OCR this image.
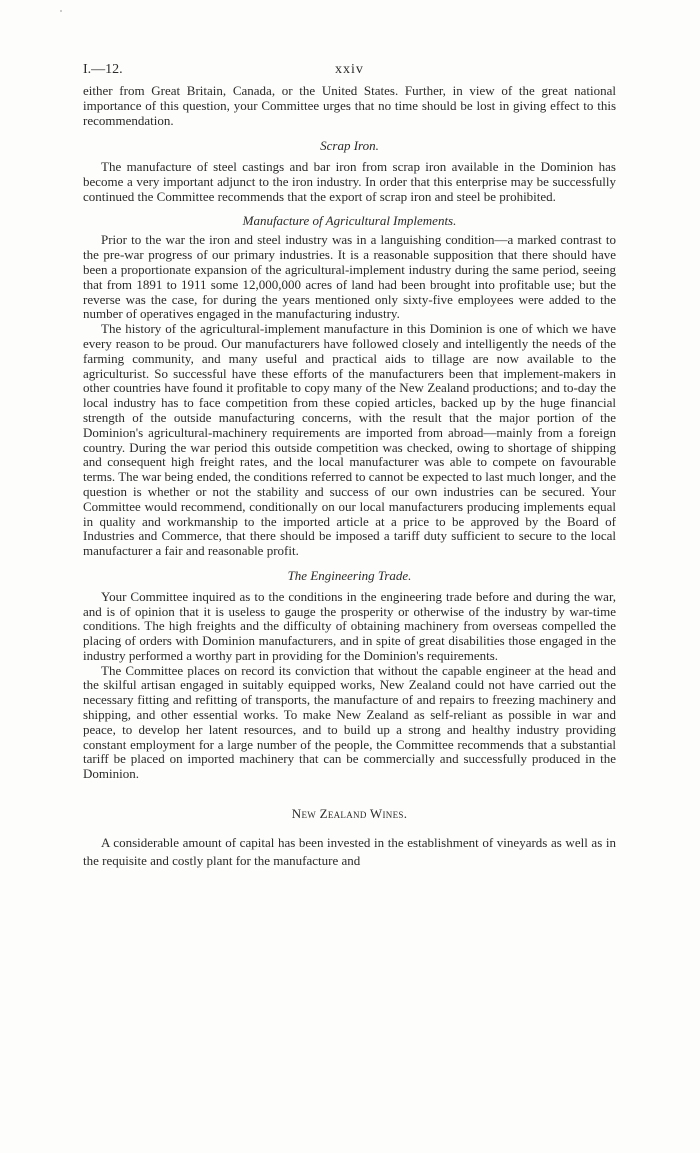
I.—12.	xxiv

either from Great Britain, Canada, or the United States. Further, in view of the great national importance of this question, your Committee urges that no time should be lost in giving effect to this recommendation.

Scrap Iron.

The manufacture of steel castings and bar iron from scrap iron available in the Dominion has become a very important adjunct to the iron industry. In order that this enterprise may be successfully continued the Committee recommends that the export of scrap iron and steel be prohibited.

Manufacture of Agricultural Implements.

Prior to the war the iron and steel industry was in a languishing condition—a marked contrast to the pre-war progress of our primary industries. It is a reasonable supposition that there should have been a proportionate expansion of the agricultural-implement industry during the same period, seeing that from 1891 to 1911 some 12,000,000 acres of land had been brought into profitable use; but the reverse was the case, for during the years mentioned only sixty-five employees were added to the number of operatives engaged in the manufacturing industry.

The history of the agricultural-implement manufacture in this Dominion is one of which we have every reason to be proud. Our manufacturers have followed closely and intelligently the needs of the farming community, and many useful and practical aids to tillage are now available to the agriculturist. So successful have these efforts of the manufacturers been that implement-makers in other countries have found it profitable to copy many of the New Zealand productions; and to-day the local industry has to face competition from these copied articles, backed up by the huge financial strength of the outside manufacturing concerns, with the result that the major portion of the Dominion's agricultural-machinery requirements are imported from abroad—mainly from a foreign country. During the war period this outside competition was checked, owing to shortage of shipping and consequent high freight rates, and the local manufacturer was able to compete on favourable terms. The war being ended, the conditions referred to cannot be expected to last much longer, and the question is whether or not the stability and success of our own industries can be secured. Your Committee would recommend, conditionally on our local manufacturers producing implements equal in quality and workmanship to the imported article at a price to be approved by the Board of Industries and Commerce, that there should be imposed a tariff duty sufficient to secure to the local manufacturer a fair and reasonable profit.

The Engineering Trade.

Your Committee inquired as to the conditions in the engineering trade before and during the war, and is of opinion that it is useless to gauge the prosperity or otherwise of the industry by war-time conditions. The high freights and the difficulty of obtaining machinery from overseas compelled the placing of orders with Dominion manufacturers, and in spite of great disabilities those engaged in the industry performed a worthy part in providing for the Dominion's requirements.

The Committee places on record its conviction that without the capable engineer at the head and the skilful artisan engaged in suitably equipped works, New Zealand could not have carried out the necessary fitting and refitting of transports, the manufacture of and repairs to freezing machinery and shipping, and other essential works. To make New Zealand as self-reliant as possible in war and peace, to develop her latent resources, and to build up a strong and healthy industry providing constant employment for a large number of the people, the Committee recommends that a substantial tariff be placed on imported machinery that can be commercially and successfully produced in the Dominion.

New Zealand Wines.

A considerable amount of capital has been invested in the establishment of vineyards as well as in the requisite and costly plant for the manufacture and
